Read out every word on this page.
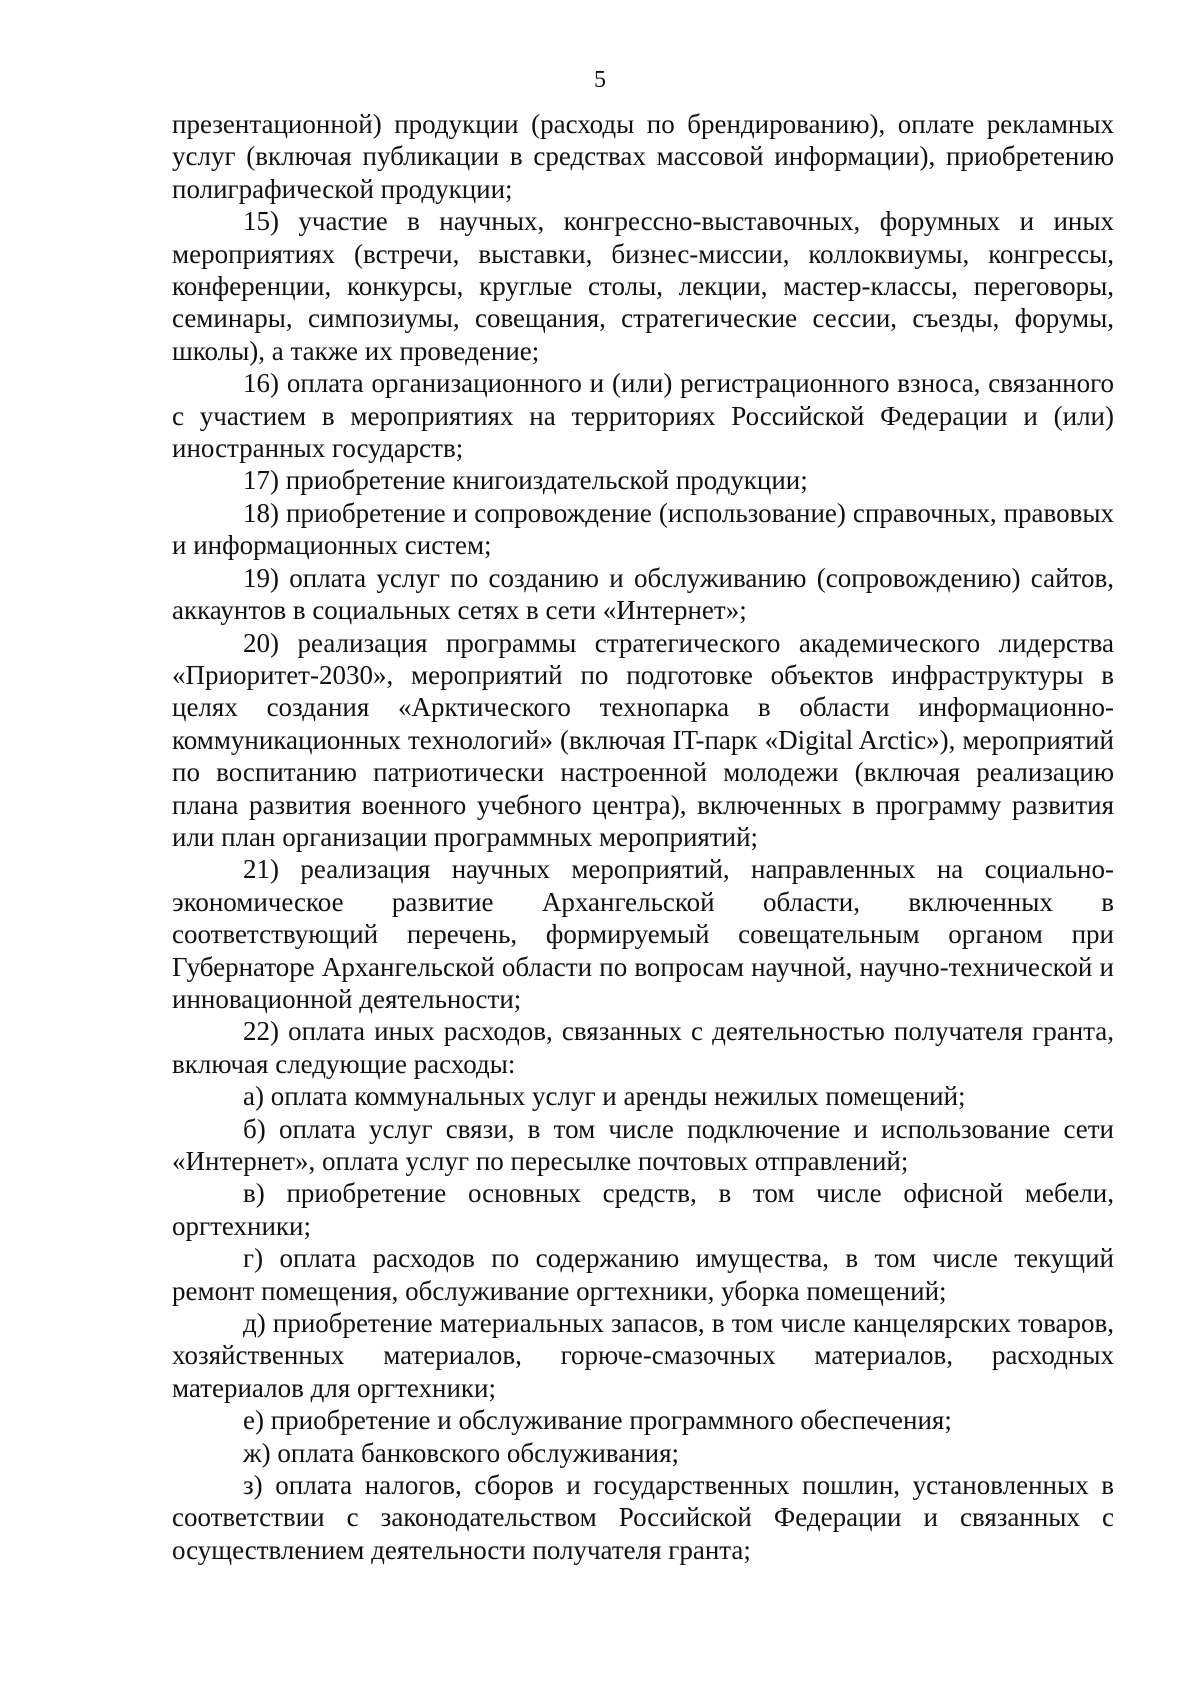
5

презентационной) продукции (расходы по брендированию), оплате рекламных услуг (включая публикации в средствах массовой информации), приобретению полиграфической продукции;

15) участие в научных, конгрессно-выставочных, форумных и иных мероприятиях (встречи, выставки, бизнес-миссии, коллоквиумы, конгрессы, конференции, конкурсы, круглые столы, лекции, мастер-классы, переговоры, семинары, симпозиумы, совещания, стратегические сессии, съезды, форумы, школы), а также их проведение;

16) оплата организационного и (или) регистрационного взноса, связанного с участием в мероприятиях на территориях Российской Федерации и (или) иностранных государств;

17) приобретение книгоиздательской продукции;

18) приобретение и сопровождение (использование) справочных, правовых и информационных систем;

19) оплата услуг по созданию и обслуживанию (сопровождению) сайтов, аккаунтов в социальных сетях в сети «Интернет»;

20) реализация программы стратегического академического лидерства «Приоритет-2030», мероприятий по подготовке объектов инфраструктуры в целях создания «Арктического технопарка в области информационно-коммуникационных технологий» (включая IT-парк «Digital Arctic»), мероприятий по воспитанию патриотически настроенной молодежи (включая реализацию плана развития военного учебного центра), включенных в программу развития или план организации программных мероприятий;

21) реализация научных мероприятий, направленных на социально-экономическое развитие Архангельской области, включенных в соответствующий перечень, формируемый совещательным органом при Губернаторе Архангельской области по вопросам научной, научно-технической и инновационной деятельности;

22) оплата иных расходов, связанных с деятельностью получателя гранта, включая следующие расходы:

а) оплата коммунальных услуг и аренды нежилых помещений;

б) оплата услуг связи, в том числе подключение и использование сети «Интернет», оплата услуг по пересылке почтовых отправлений;

в) приобретение основных средств, в том числе офисной мебели, оргтехники;

г) оплата расходов по содержанию имущества, в том числе текущий ремонт помещения, обслуживание оргтехники, уборка помещений;

д) приобретение материальных запасов, в том числе канцелярских товаров, хозяйственных материалов, горюче-смазочных материалов, расходных материалов для оргтехники;

е) приобретение и обслуживание программного обеспечения;

ж) оплата банковского обслуживания;

з) оплата налогов, сборов и государственных пошлин, установленных в соответствии с законодательством Российской Федерации и связанных с осуществлением деятельности получателя гранта;
